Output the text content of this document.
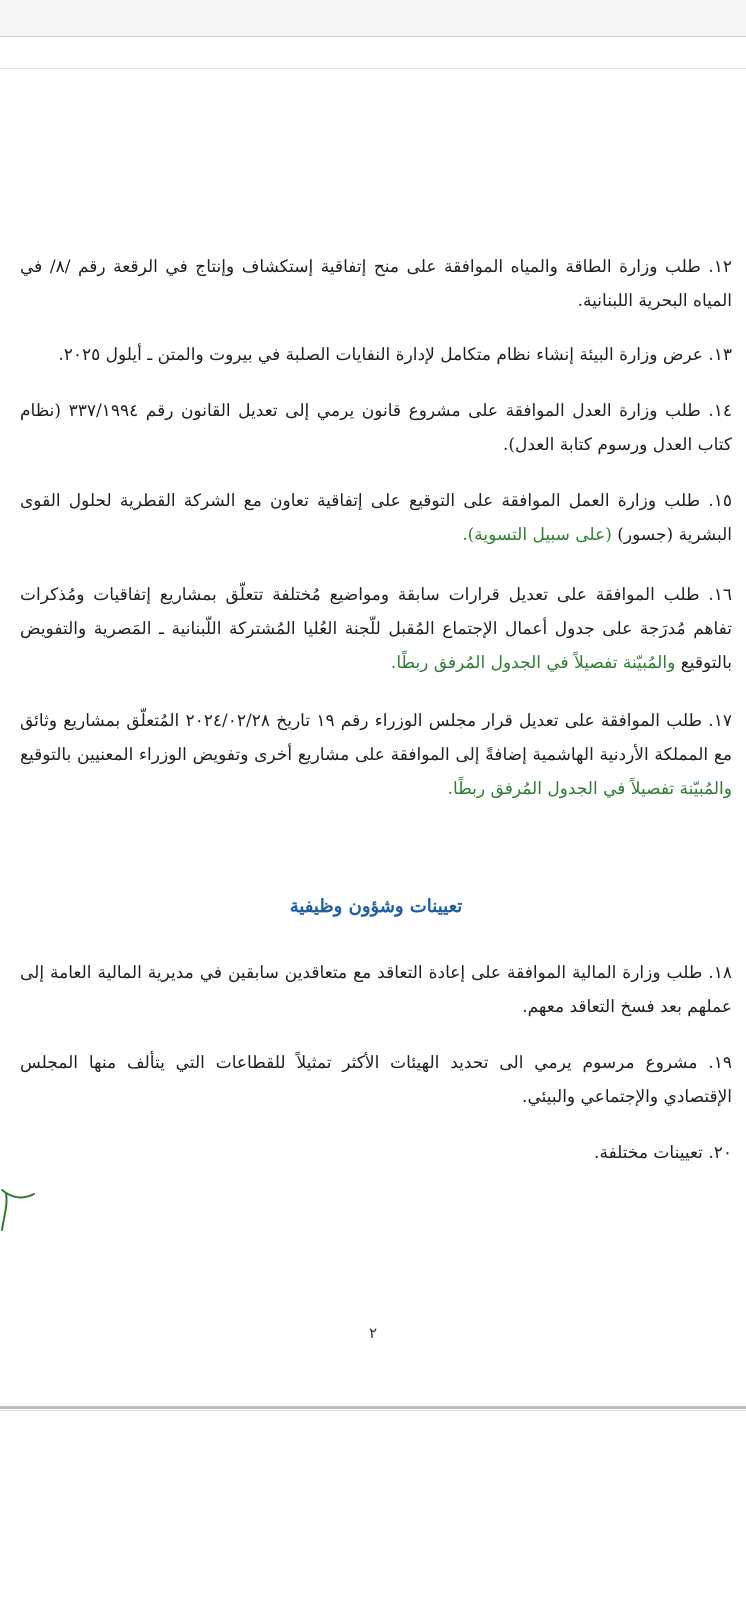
١٢. طلب وزارة الطاقة والمياه الموافقة على منح إتفاقية إستكشاف وإنتاج في الرقعة رقم /٨/ في المياه البحرية اللبنانية.

١٣. عرض وزارة البيئة إنشاء نظام متكامل لإدارة النفايات الصلبة في بيروت والمتن ـ أيلول ٢٠٢٥.

١٤. طلب وزارة العدل الموافقة على مشروع قانون يرمي إلى تعديل القانون رقم ٣٣٧/١٩٩٤ (نظام كتاب العدل ورسوم كتابة العدل).

١٥. طلب وزارة العمل الموافقة على التوقيع على إتفاقية تعاون مع الشركة القطرية لحلول القوى البشرية (جسور) (على سبيل التسوية).

١٦. طلب الموافقة على تعديل قرارات سابقة ومواضيع مُختلفة تتعلّق بمشاريع إتفاقيات ومُذكرات تفاهم مُدرَجة على جدول أعمال الإجتماع المُقبل للّجنة العُليا المُشتركة اللّبنانية ـ المَصرية والتفويض بالتوقيع والمُبيّنة تفصيلاً في الجدول المُرفق ربطًا.

١٧. طلب الموافقة على تعديل قرار مجلس الوزراء رقم ١٩ تاريخ ٢٠٢٤/٠٢/٢٨ المُتعلّق بمشاريع وثائق مع المملكة الأردنية الهاشمية إضافةً إلى الموافقة على مشاريع أخرى وتفويض الوزراء المعنيين بالتوقيع والمُبيّنة تفصيلاً في الجدول المُرفق ربطًا.

تعيينات وشؤون وظيفية

١٨. طلب وزارة المالية الموافقة على إعادة التعاقد مع متعاقدين سابقين في مديرية المالية العامة إلى عملهم بعد فسخ التعاقد معهم.

١٩. مشروع مرسوم يرمي الى تحديد الهيئات الأكثر تمثيلاً للقطاعات التي يتألف منها المجلس الإقتصادي والإجتماعي والبيئي.

٢٠. تعيينات مختلفة.

٢
